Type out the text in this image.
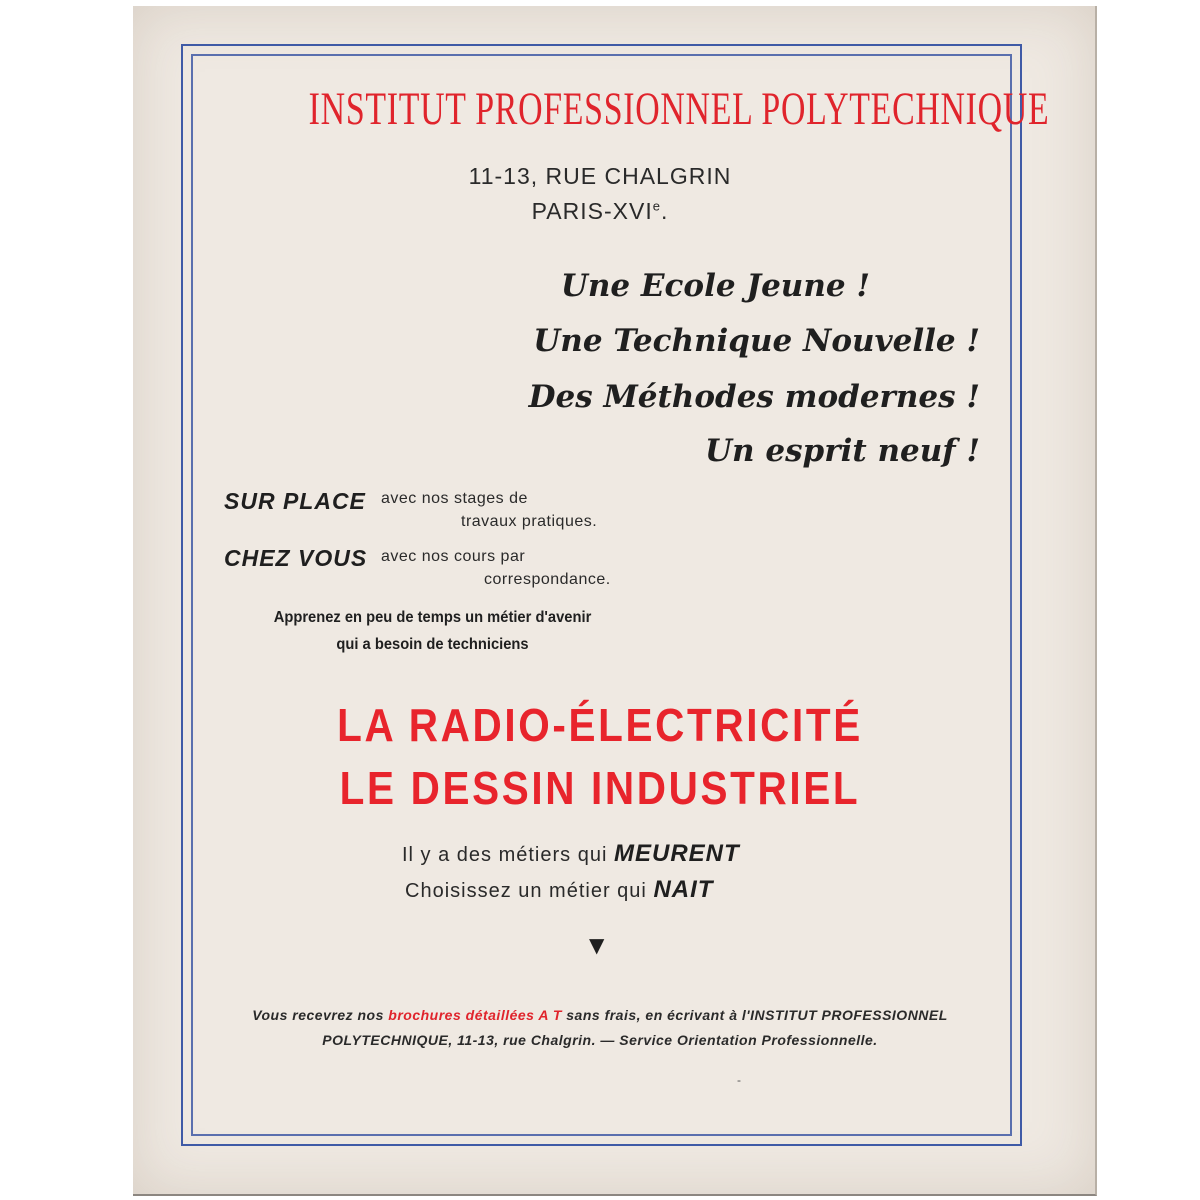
INSTITUT PROFESSIONNEL POLYTECHNIQUE
11-13, RUE CHALGRIN
PARIS-XVIe.
Une Ecole Jeune !
Une Technique Nouvelle !
Des Méthodes modernes !
Un esprit neuf !
SUR PLACE avec nos stages de
travaux pratiques.
CHEZ VOUS avec nos cours par
correspondance.
Apprenez en peu de temps un métier d'avenir
qui a besoin de techniciens
LA RADIO-ÉLECTRICITÉ
LE DESSIN INDUSTRIEL
Il y a des métiers qui MEURENT
Choisissez un métier qui NAIT
▼
Vous recevrez nos brochures détaillées A T sans frais, en écrivant à l'INSTITUT PROFESSIONNEL
POLYTECHNIQUE, 11-13, rue Chalgrin. — Service Orientation Professionnelle.
-
